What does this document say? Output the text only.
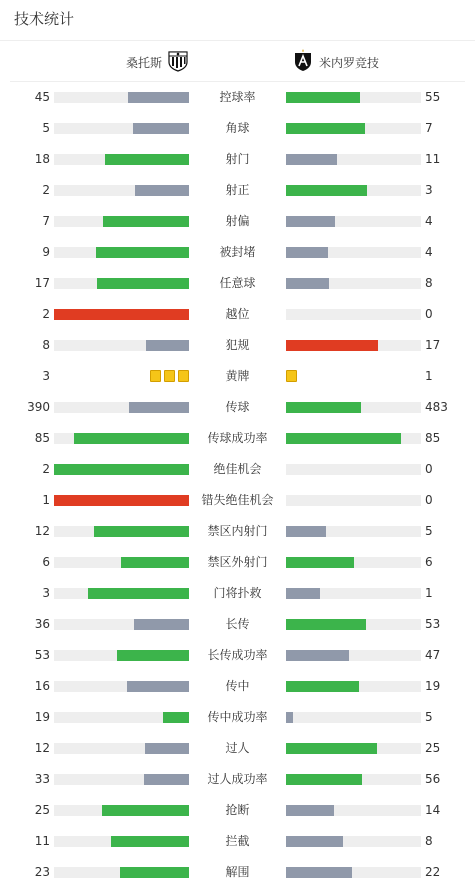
技术统计
桑托斯	米内罗竞技
45	控球率	55
5	角球	7
18	射门	11
2	射正	3
7	射偏	4
9	被封堵	4
17	任意球	8
2	越位	0
8	犯规	17
3	黄牌	1
390	传球	483
85	传球成功率	85
2	绝佳机会	0
1	错失绝佳机会	0
12	禁区内射门	5
6	禁区外射门	6
3	门将扑救	1
36	长传	53
53	长传成功率	47
16	传中	19
19	传中成功率	5
12	过人	25
33	过人成功率	56
25	抢断	14
11	拦截	8
23	解围	22
